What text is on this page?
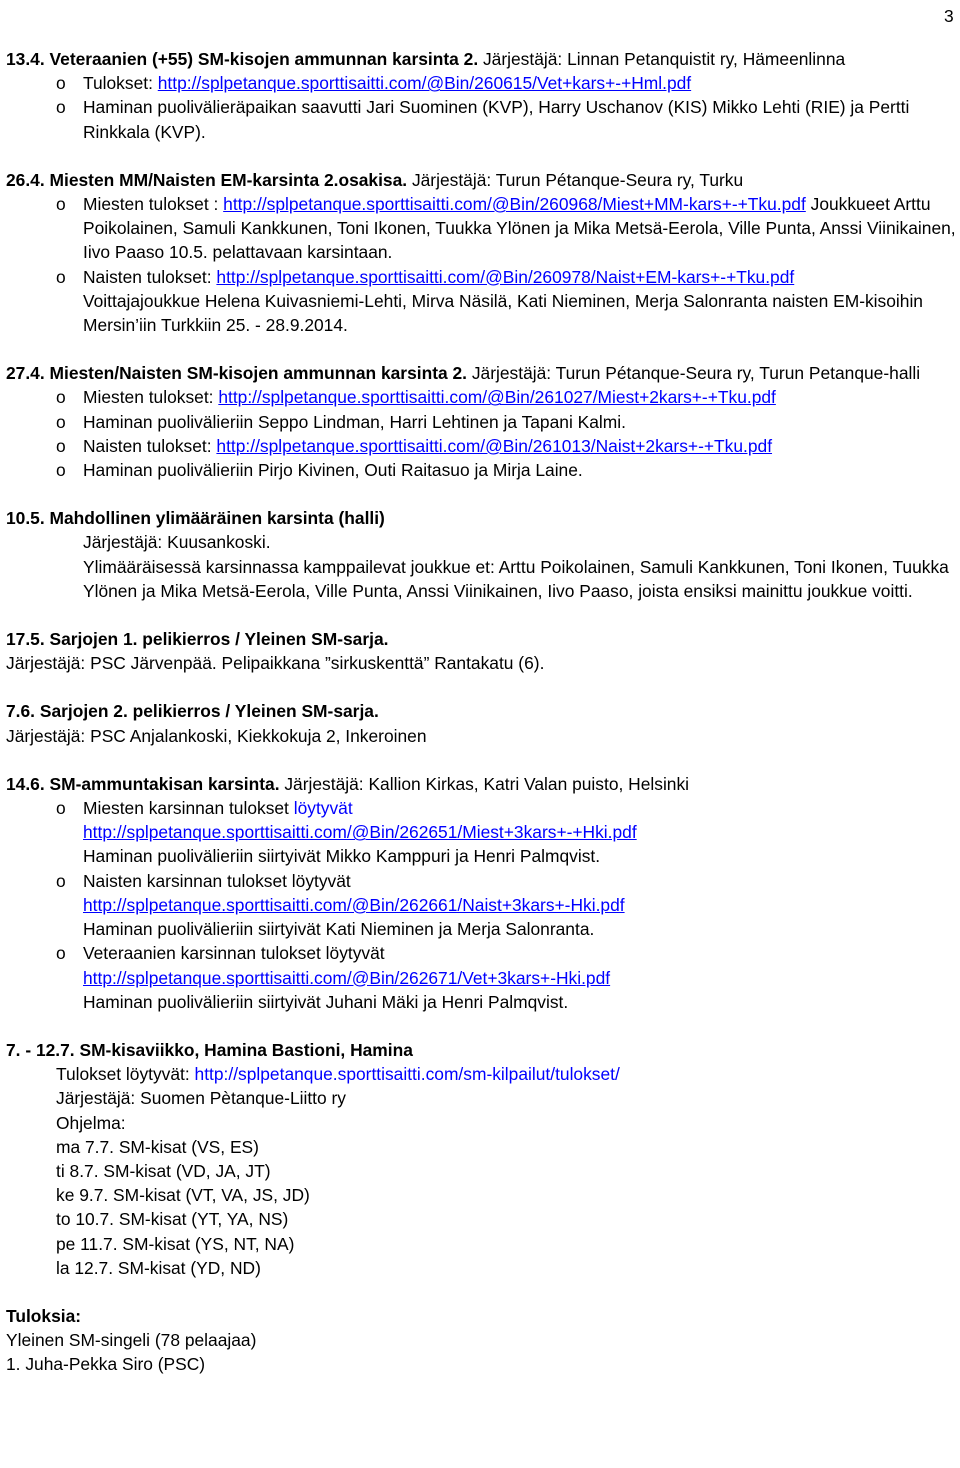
3
13.4. Veteraanien (+55) SM-kisojen ammunnan karsinta 2. Järjestäjä: Linnan Petanquistit ry, Hämeenlinna
o Tulokset: http://splpetanque.sporttisaitti.com/@Bin/260615/Vet+kars+-+Hml.pdf
o Haminan puolivälieräpaikan saavutti Jari Suominen (KVP), Harry Uschanov (KIS) Mikko Lehti (RIE) ja Pertti Rinkkala (KVP).
26.4. Miesten MM/Naisten EM-karsinta 2.osakisa. Järjestäjä: Turun Pétanque-Seura ry, Turku
o Miesten tulokset : http://splpetanque.sporttisaitti.com/@Bin/260968/Miest+MM-kars+-+Tku.pdf Joukkueet Arttu Poikolainen, Samuli Kankkunen, Toni Ikonen, Tuukka Ylönen ja Mika Metsä-Eerola, Ville Punta, Anssi Viinikainen, Iivo Paaso 10.5. pelattavaan karsintaan.
o Naisten tulokset: http://splpetanque.sporttisaitti.com/@Bin/260978/Naist+EM-kars+-+Tku.pdf
Voittajajoukkue Helena Kuivasniemi-Lehti, Mirva Näsilä, Kati Nieminen, Merja Salonranta naisten EM-kisoihin Mersin’iin Turkkiin 25. - 28.9.2014.
27.4. Miesten/Naisten SM-kisojen ammunnan karsinta 2. Järjestäjä: Turun Pétanque-Seura ry, Turun Petanque-halli
o Miesten tulokset: http://splpetanque.sporttisaitti.com/@Bin/261027/Miest+2kars+-+Tku.pdf
o Haminan puolivälieriin Seppo Lindman, Harri Lehtinen ja Tapani Kalmi.
o Naisten tulokset: http://splpetanque.sporttisaitti.com/@Bin/261013/Naist+2kars+-+Tku.pdf
o Haminan puolivälieriin Pirjo Kivinen, Outi Raitasuo ja Mirja Laine.
10.5. Mahdollinen ylimääräinen karsinta (halli)
Järjestäjä: Kuusankoski.
Ylimääräisessä karsinnassa kamppailevat joukkue et: Arttu Poikolainen, Samuli Kankkunen, Toni Ikonen, Tuukka Ylönen ja Mika Metsä-Eerola, Ville Punta, Anssi Viinikainen, Iivo Paaso, joista ensiksi mainittu joukkue voitti.
17.5. Sarjojen 1. pelikierros / Yleinen SM-sarja.
Järjestäjä: PSC Järvenpää. Pelipaikkana ”sirkuskenttä” Rantakatu (6).
7.6. Sarjojen 2. pelikierros / Yleinen SM-sarja.
Järjestäjä: PSC Anjalankoski, Kiekkokuja 2, Inkeroinen
14.6. SM-ammuntakisan karsinta. Järjestäjä: Kallion Kirkas, Katri Valan puisto, Helsinki
o Miesten karsinnan tulokset löytyvät
http://splpetanque.sporttisaitti.com/@Bin/262651/Miest+3kars+-+Hki.pdf
Haminan puolivälieriin siirtyivät Mikko Kamppuri ja Henri Palmqvist.
o Naisten karsinnan tulokset löytyvät
http://splpetanque.sporttisaitti.com/@Bin/262661/Naist+3kars+-Hki.pdf
Haminan puolivälieriin siirtyivät Kati Nieminen ja Merja Salonranta.
o Veteraanien karsinnan tulokset löytyvät
http://splpetanque.sporttisaitti.com/@Bin/262671/Vet+3kars+-Hki.pdf
Haminan puolivälieriin siirtyivät Juhani Mäki ja Henri Palmqvist.
7. - 12.7. SM-kisaviikko, Hamina Bastioni, Hamina
Tulokset löytyvät: http://splpetanque.sporttisaitti.com/sm-kilpailut/tulokset/
Järjestäjä: Suomen Pètanque-Liitto ry
Ohjelma:
ma 7.7. SM-kisat (VS, ES)
ti 8.7. SM-kisat (VD, JA, JT)
ke 9.7. SM-kisat (VT, VA, JS, JD)
to 10.7. SM-kisat (YT, YA, NS)
pe 11.7. SM-kisat (YS, NT, NA)
la 12.7. SM-kisat (YD, ND)
Tuloksia:
Yleinen SM-singeli (78 pelaajaa)
1. Juha-Pekka Siro (PSC)
